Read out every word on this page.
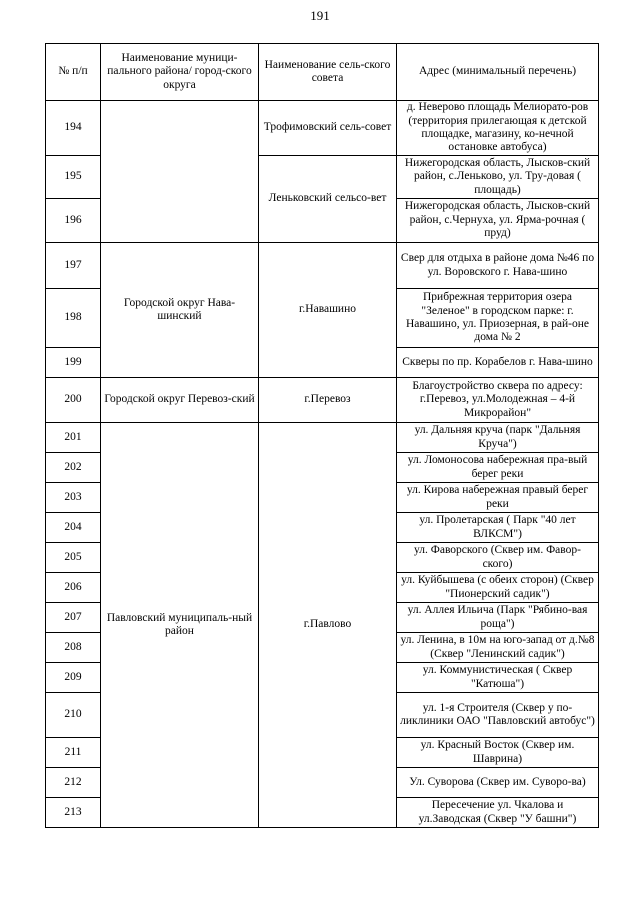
191
№ п/п	Наименование муници-пального района/ город-ского округа	Наименование сель-ского совета	Адрес (минимальный перечень)
194		Трофимовский сель-совет	д. Неверово площадь Мелиорато-ров (территория прилегающая к детской площадке, магазину, ко-нечной остановке автобуса)
195		Леньковский сельсо-вет	Нижегородская область, Лысков-ский район, с.Леньково, ул. Тру-довая ( площадь)
196			Нижегородская область, Лысков-ский район, с.Чернуха, ул. Ярма-рочная ( пруд)
197	Городской округ Нава-шинский	г.Навашино	Свер для отдыха в районе дома №46 по ул. Воровского г. Нава-шино
198			Прибрежная территория озера "Зеленое" в городском парке: г. Навашино, ул. Приозерная, в рай-оне дома № 2
199			Скверы по пр. Корабелов г. Нава-шино
200	Городской округ Перевоз-ский	г.Перевоз	Благоустройство сквера по адресу: г.Перевоз, ул.Молодежная – 4-й Микрорайон"
201	Павловский муниципаль-ный район	г.Павлово	ул. Дальняя круча (парк "Дальняя Круча")
202			ул. Ломоносова набережная пра-вый берег реки
203			ул. Кирова набережная правый берег реки
204			ул. Пролетарская ( Парк "40 лет ВЛКСМ")
205			ул. Фаворского (Сквер им. Фавор-ского)
206			ул. Куйбышева (с обеих сторон) (Сквер "Пионерский садик")
207			ул. Аллея Ильича (Парк "Рябино-вая роща")
208			ул. Ленина, в 10м на юго-запад от д.№8 (Сквер "Ленинский садик")
209			ул. Коммунистическая ( Сквер "Катюша")
210			ул. 1-я Строителя (Сквер у по-ликлиники ОАО "Павловский автобус")
211			ул. Красный Восток (Сквер им. Шаврина)
212			Ул. Суворова (Сквер им. Суворо-ва)
213			Пересечение ул. Чкалова и ул.Заводская (Сквер "У башни")
